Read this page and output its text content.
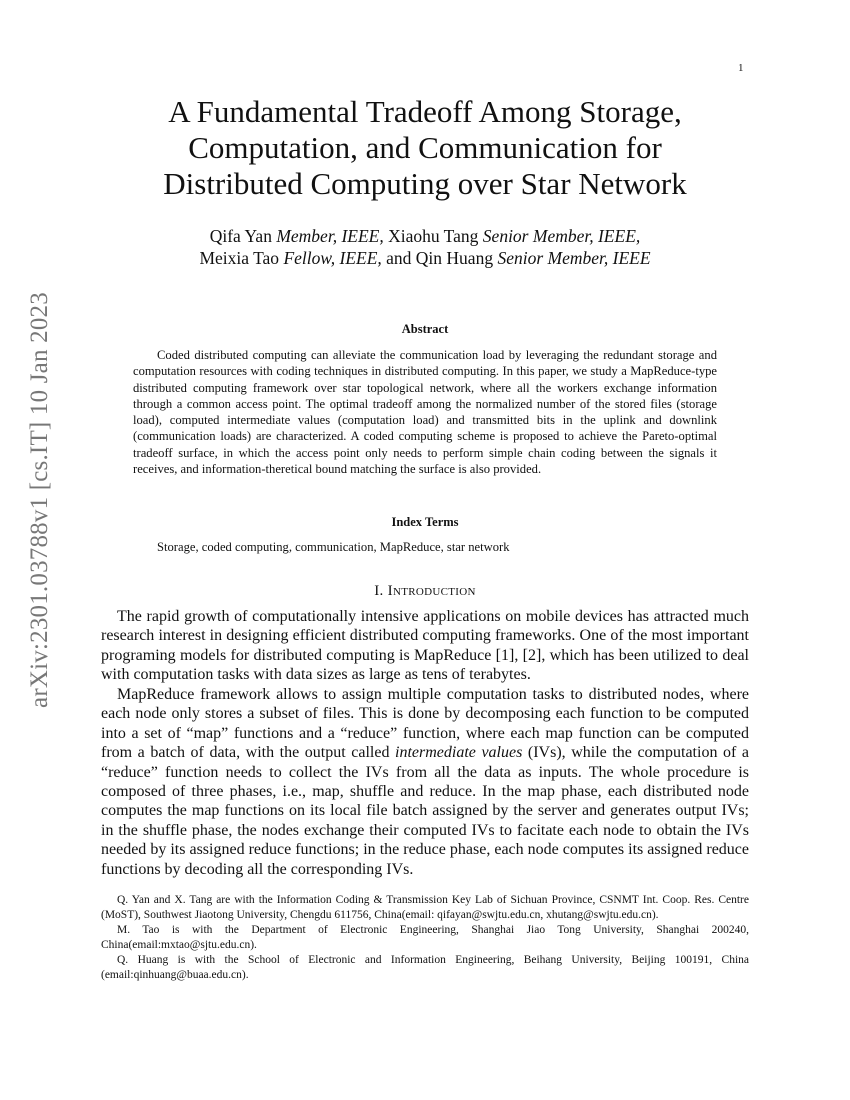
1
arXiv:2301.03788v1 [cs.IT] 10 Jan 2023
A Fundamental Tradeoff Among Storage,
Computation, and Communication for
Distributed Computing over Star Network
Qifa Yan Member, IEEE, Xiaohu Tang Senior Member, IEEE,
Meixia Tao Fellow, IEEE, and Qin Huang Senior Member, IEEE
Abstract

Coded distributed computing can alleviate the communication load by leveraging the redundant storage and computation resources with coding techniques in distributed computing. In this paper, we study a MapReduce-type distributed computing framework over star topological network, where all the workers exchange information through a common access point. The optimal tradeoff among the normalized number of the stored files (storage load), computed intermediate values (computation load) and transmitted bits in the uplink and downlink (communication loads) are characterized. A coded computing scheme is proposed to achieve the Pareto-optimal tradeoff surface, in which the access point only needs to perform simple chain coding between the signals it receives, and information-theretical bound matching the surface is also provided.

Index Terms
Storage, coded computing, communication, MapReduce, star network
I. Introduction

The rapid growth of computationally intensive applications on mobile devices has attracted much research interest in designing efficient distributed computing frameworks. One of the most important programing models for distributed computing is MapReduce [1], [2], which has been utilized to deal with computation tasks with data sizes as large as tens of terabytes.

MapReduce framework allows to assign multiple computation tasks to distributed nodes, where each node only stores a subset of files. This is done by decomposing each function to be computed into a set of “map” functions and a “reduce” function, where each map function can be computed from a batch of data, with the output called intermediate values (IVs), while the computation of a “reduce” function needs to collect the IVs from all the data as inputs. The whole procedure is composed of three phases, i.e., map, shuffle and reduce. In the map phase, each distributed node computes the map functions on its local file batch assigned by the server and generates output IVs; in the shuffle phase, the nodes exchange their computed IVs to facitate each node to obtain the IVs needed by its assigned reduce functions; in the reduce phase, each node computes its assigned reduce functions by decoding all the corresponding IVs.

Q. Yan and X. Tang are with the Information Coding & Transmission Key Lab of Sichuan Province, CSNMT Int. Coop. Res. Centre (MoST), Southwest Jiaotong University, Chengdu 611756, China(email: qifayan@swjtu.edu.cn, xhutang@swjtu.edu.cn).

M. Tao is with the Department of Electronic Engineering, Shanghai Jiao Tong University, Shanghai 200240, China(email:mxtao@sjtu.edu.cn).

Q. Huang is with the School of Electronic and Information Engineering, Beihang University, Beijing 100191, China (email:qinhuang@buaa.edu.cn).
